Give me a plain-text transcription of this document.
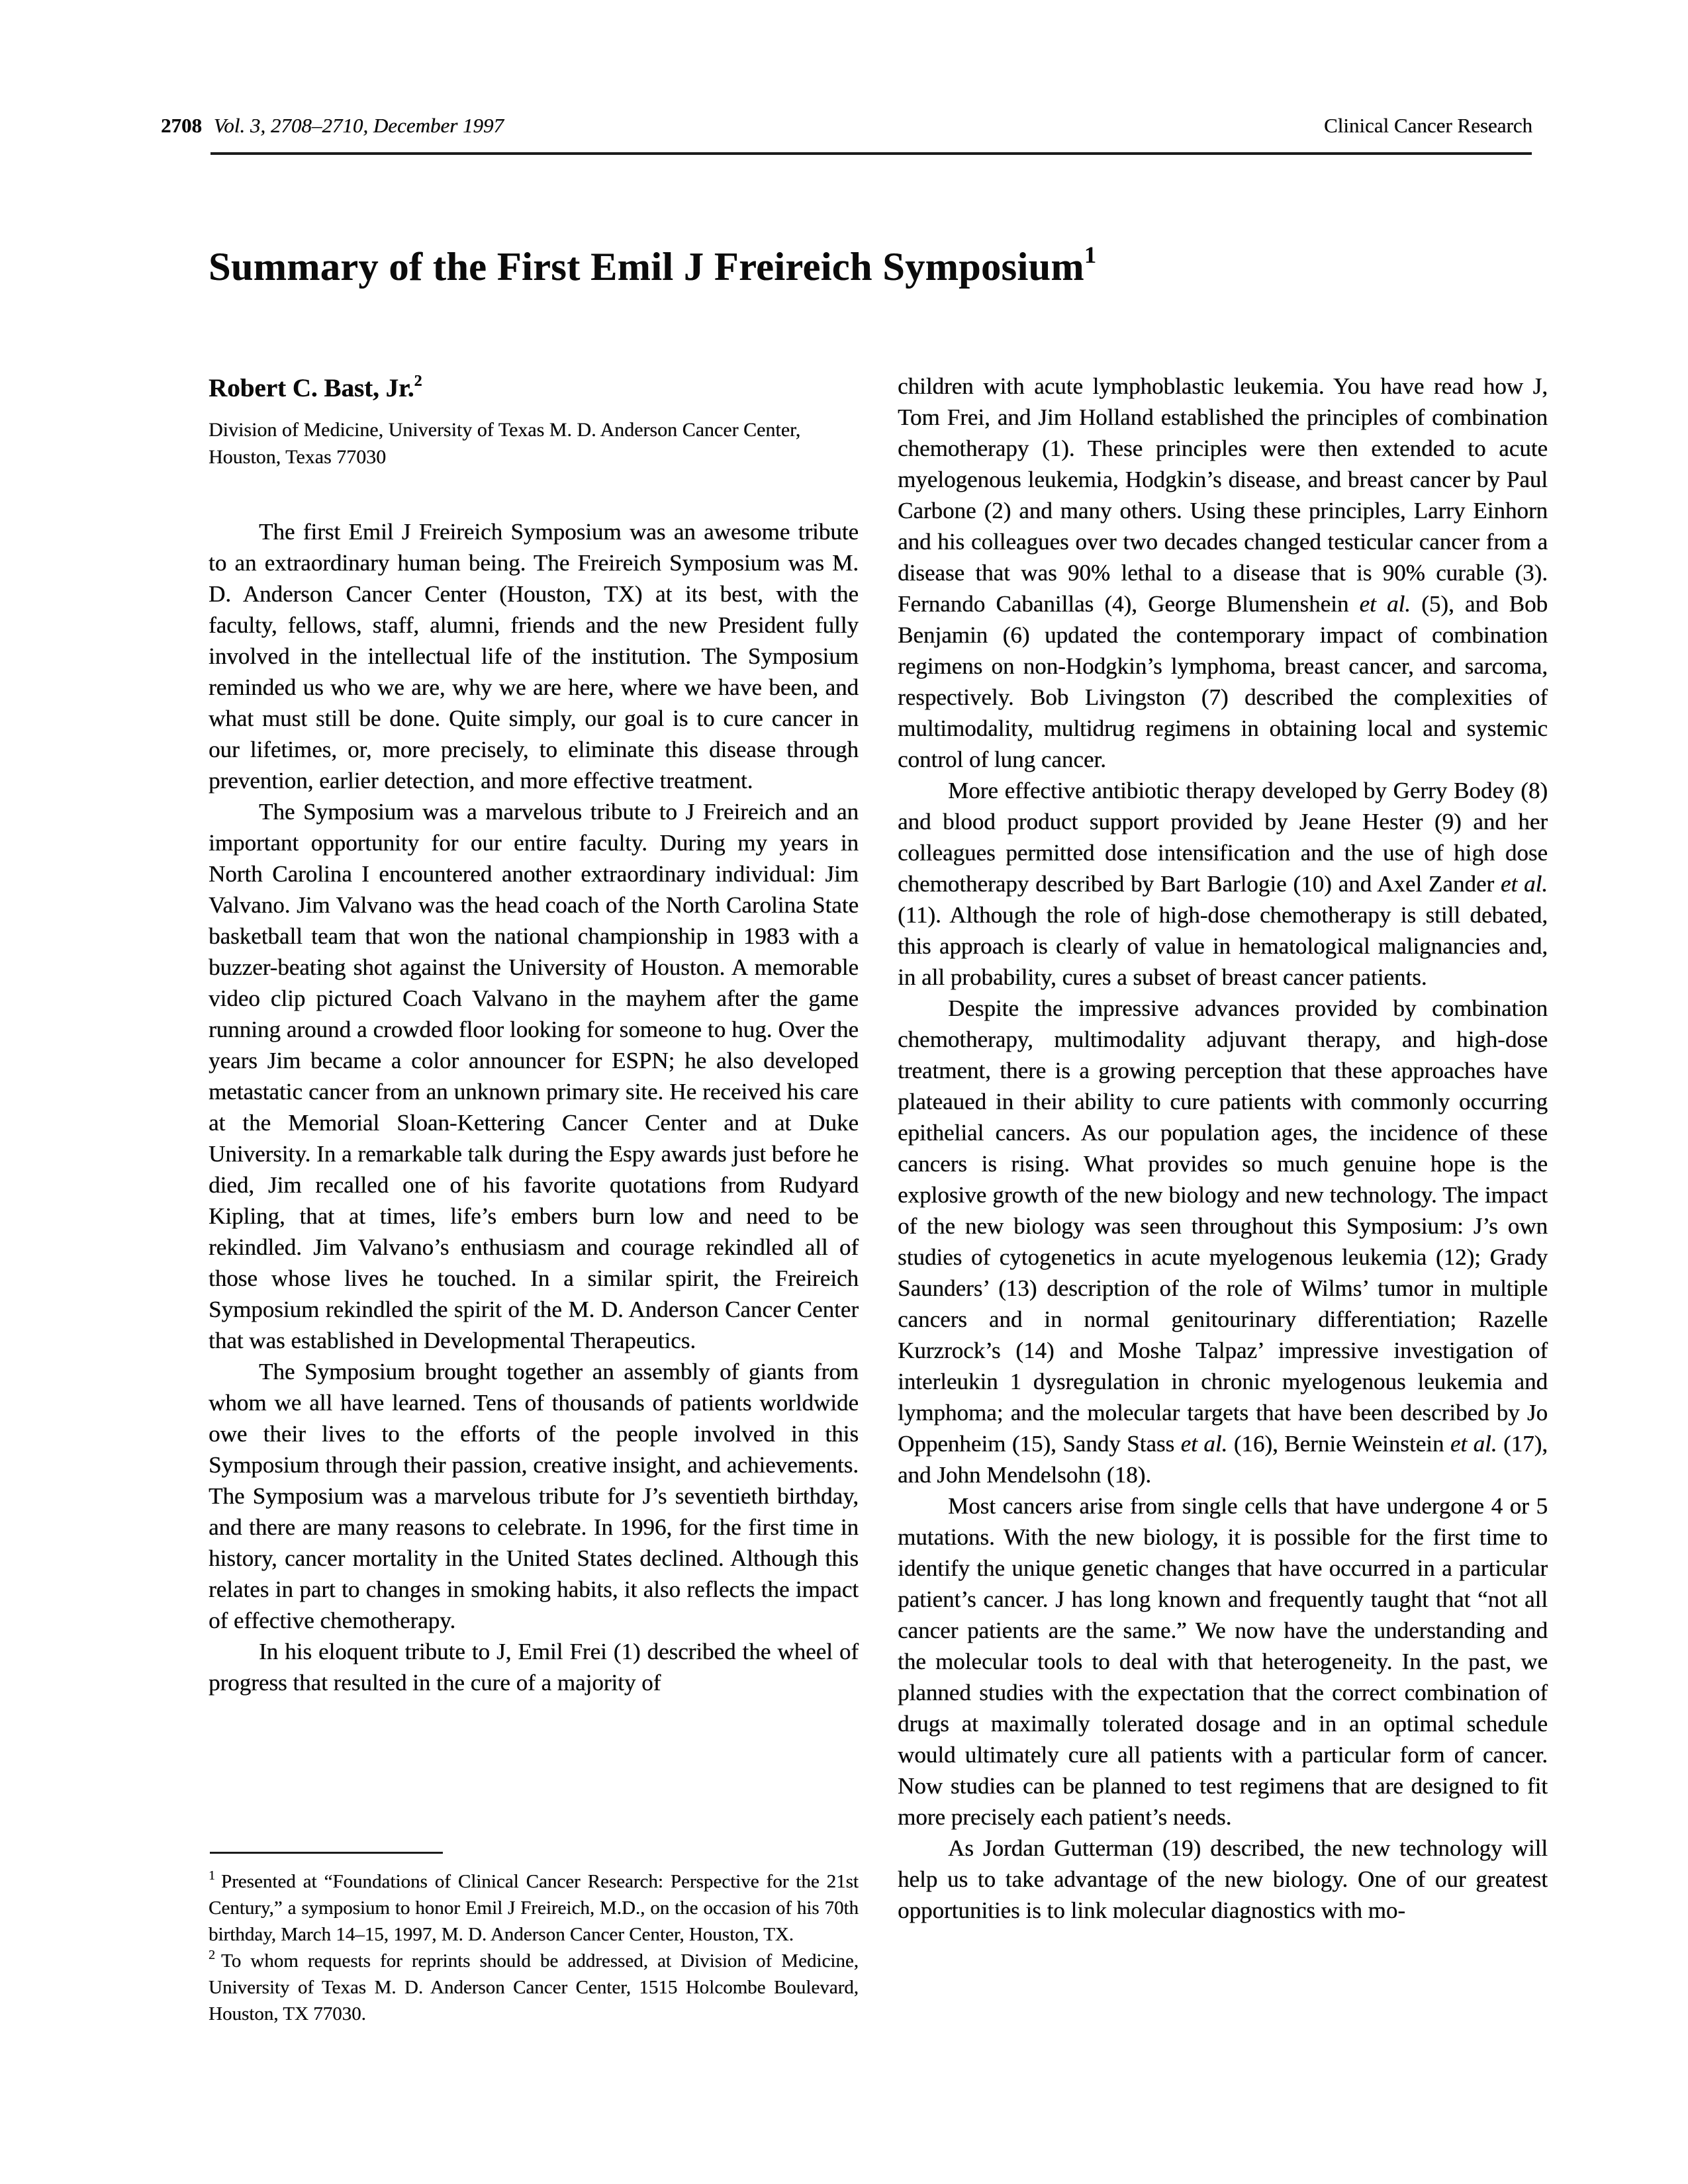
2708 Vol. 3, 2708–2710, December 1997	Clinical Cancer Research
Summary of the First Emil J Freireich Symposium$^1$
Robert C. Bast, Jr.$^2$

Division of Medicine, University of Texas M. D. Anderson Cancer Center, Houston, Texas 77030

The first Emil J Freireich Symposium was an awesome tribute to an extraordinary human being. The Freireich Symposium was M. D. Anderson Cancer Center (Houston, TX) at its best, with the faculty, fellows, staff, alumni, friends and the new President fully involved in the intellectual life of the institution. The Symposium reminded us who we are, why we are here, where we have been, and what must still be done. Quite simply, our goal is to cure cancer in our lifetimes, or, more precisely, to eliminate this disease through prevention, earlier detection, and more effective treatment.

The Symposium was a marvelous tribute to J Freireich and an important opportunity for our entire faculty. During my years in North Carolina I encountered another extraordinary individual: Jim Valvano. Jim Valvano was the head coach of the North Carolina State basketball team that won the national championship in 1983 with a buzzer-beating shot against the University of Houston. A memorable video clip pictured Coach Valvano in the mayhem after the game running around a crowded floor looking for someone to hug. Over the years Jim became a color announcer for ESPN; he also developed metastatic cancer from an unknown primary site. He received his care at the Memorial Sloan-Kettering Cancer Center and at Duke University. In a remarkable talk during the Espy awards just before he died, Jim recalled one of his favorite quotations from Rudyard Kipling, that at times, life’s embers burn low and need to be rekindled. Jim Valvano’s enthusiasm and courage rekindled all of those whose lives he touched. In a similar spirit, the Freireich Symposium rekindled the spirit of the M. D. Anderson Cancer Center that was established in Developmental Therapeutics.

The Symposium brought together an assembly of giants from whom we all have learned. Tens of thousands of patients worldwide owe their lives to the efforts of the people involved in this Symposium through their passion, creative insight, and achievements. The Symposium was a marvelous tribute for J’s seventieth birthday, and there are many reasons to celebrate. In 1996, for the first time in history, cancer mortality in the United States declined. Although this relates in part to changes in smoking habits, it also reflects the impact of effective chemotherapy.

In his eloquent tribute to J, Emil Frei (1) described the wheel of progress that resulted in the cure of a majority of

$^1$ Presented at “Foundations of Clinical Cancer Research: Perspective for the 21st Century,” a symposium to honor Emil J Freireich, M.D., on the occasion of his 70th birthday, March 14–15, 1997, M. D. Anderson Cancer Center, Houston, TX.

$^2$ To whom requests for reprints should be addressed, at Division of Medicine, University of Texas M. D. Anderson Cancer Center, 1515 Holcombe Boulevard, Houston, TX 77030.

children with acute lymphoblastic leukemia. You have read how J, Tom Frei, and Jim Holland established the principles of combination chemotherapy (1). These principles were then extended to acute myelogenous leukemia, Hodgkin’s disease, and breast cancer by Paul Carbone (2) and many others. Using these principles, Larry Einhorn and his colleagues over two decades changed testicular cancer from a disease that was 90% lethal to a disease that is 90% curable (3). Fernando Cabanillas (4), George Blumenshein et al. (5), and Bob Benjamin (6) updated the contemporary impact of combination regimens on non-Hodgkin’s lymphoma, breast cancer, and sarcoma, respectively. Bob Livingston (7) described the complexities of multimodality, multidrug regimens in obtaining local and systemic control of lung cancer.

More effective antibiotic therapy developed by Gerry Bodey (8) and blood product support provided by Jeane Hester (9) and her colleagues permitted dose intensification and the use of high dose chemotherapy described by Bart Barlogie (10) and Axel Zander et al. (11). Although the role of high-dose chemotherapy is still debated, this approach is clearly of value in hematological malignancies and, in all probability, cures a subset of breast cancer patients.

Despite the impressive advances provided by combination chemotherapy, multimodality adjuvant therapy, and high-dose treatment, there is a growing perception that these approaches have plateaued in their ability to cure patients with commonly occurring epithelial cancers. As our population ages, the incidence of these cancers is rising. What provides so much genuine hope is the explosive growth of the new biology and new technology. The impact of the new biology was seen throughout this Symposium: J’s own studies of cytogenetics in acute myelogenous leukemia (12); Grady Saunders’ (13) description of the role of Wilms’ tumor in multiple cancers and in normal genitourinary differentiation; Razelle Kurzrock’s (14) and Moshe Talpaz’ impressive investigation of interleukin 1 dysregulation in chronic myelogenous leukemia and lymphoma; and the molecular targets that have been described by Jo Oppenheim (15), Sandy Stass et al. (16), Bernie Weinstein et al. (17), and John Mendelsohn (18).

Most cancers arise from single cells that have undergone 4 or 5 mutations. With the new biology, it is possible for the first time to identify the unique genetic changes that have occurred in a particular patient’s cancer. J has long known and frequently taught that “not all cancer patients are the same.” We now have the understanding and the molecular tools to deal with that heterogeneity. In the past, we planned studies with the expectation that the correct combination of drugs at maximally tolerated dosage and in an optimal schedule would ultimately cure all patients with a particular form of cancer. Now studies can be planned to test regimens that are designed to fit more precisely each patient’s needs.

As Jordan Gutterman (19) described, the new technology will help us to take advantage of the new biology. One of our greatest opportunities is to link molecular diagnostics with mo-
